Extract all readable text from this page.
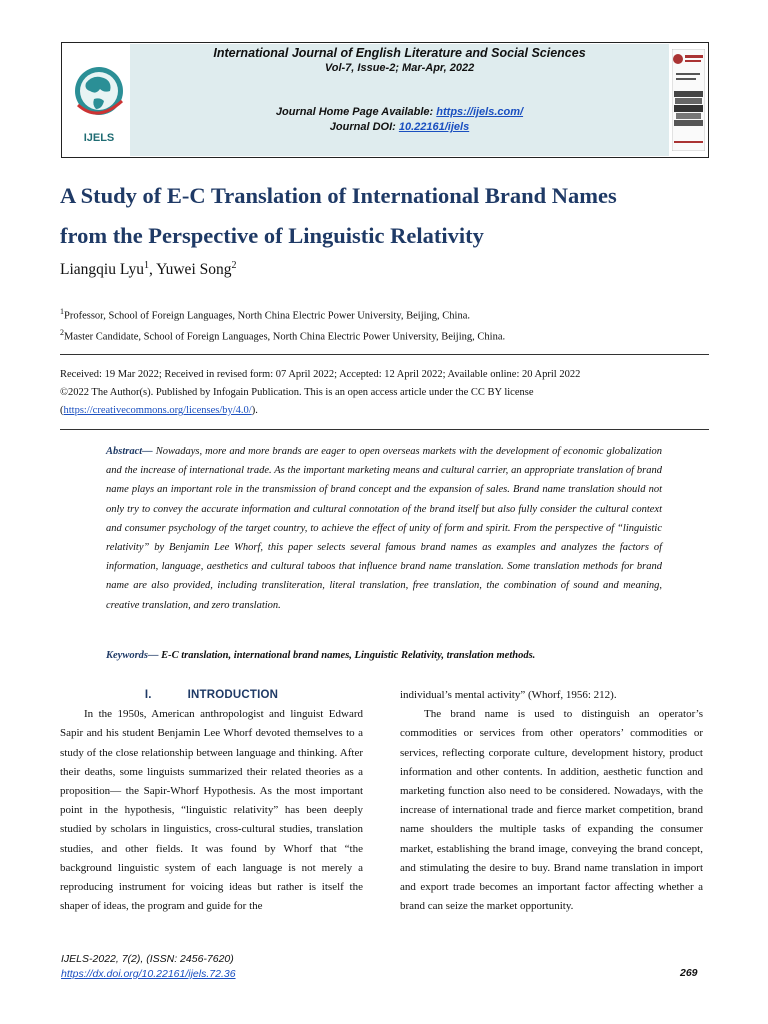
IJELS
International Journal of English Literature and Social Sciences
Vol-7, Issue-2; Mar-Apr, 2022
Journal Home Page Available: https://ijels.com/
Journal DOI: 10.22161/ijels
A Study of E-C Translation of International Brand Names
from the Perspective of Linguistic Relativity
Liangqiu Lyu$^1$, Yuwei Song$^2$
$^1$Professor, School of Foreign Languages, North China Electric Power University, Beijing, China.
$^2$Master Candidate, School of Foreign Languages, North China Electric Power University, Beijing, China.
Received: 19 Mar 2022; Received in revised form: 07 April 2022; Accepted: 12 April 2022; Available online: 20 April 2022
©2022 The Author(s). Published by Infogain Publication. This is an open access article under the CC BY license
(https://creativecommons.org/licenses/by/4.0/).
Abstract— Nowadays, more and more brands are eager to open overseas markets with the development of economic globalization and the increase of international trade. As the important marketing means and cultural carrier, an appropriate translation of brand name plays an important role in the transmission of brand concept and the expansion of sales. Brand name translation should not only try to convey the accurate information and cultural connotation of the brand itself but also fully consider the cultural context and consumer psychology of the target country, to achieve the effect of unity of form and spirit. From the perspective of “linguistic relativity” by Benjamin Lee Whorf, this paper selects several famous brand names as examples and analyzes the factors of information, language, aesthetics and cultural taboos that influence brand name translation. Some translation methods for brand name are also provided, including transliteration, literal translation, free translation, the combination of sound and meaning, creative translation, and zero translation.
Keywords— E-C translation, international brand names, Linguistic Relativity, translation methods.
I.	INTRODUCTION

In the 1950s, American anthropologist and linguist Edward Sapir and his student Benjamin Lee Whorf devoted themselves to a study of the close relationship between language and thinking. After their deaths, some linguists summarized their related theories as a proposition— the Sapir-Whorf Hypothesis. As the most important point in the hypothesis, “linguistic relativity” has been deeply studied by scholars in linguistics, cross-cultural studies, translation studies, and other fields. It was found by Whorf that “the background linguistic system of each language is not merely a reproducing instrument for voicing ideas but rather is itself the shaper of ideas, the program and guide for the

individual’s mental activity” (Whorf, 1956: 212).

The brand name is used to distinguish an operator’s commodities or services from other operators’ commodities or services, reflecting corporate culture, development history, product information and other contents. In addition, aesthetic function and marketing function also need to be considered. Nowadays, with the increase of international trade and fierce market competition, brand name shoulders the multiple tasks of expanding the consumer market, establishing the brand image, conveying the brand concept, and stimulating the desire to buy. Brand name translation in import and export trade becomes an important factor affecting whether a brand can seize the market opportunity.

IJELS-2022, 7(2), (ISSN: 2456-7620)
https://dx.doi.org/10.22161/ijels.72.36	269
